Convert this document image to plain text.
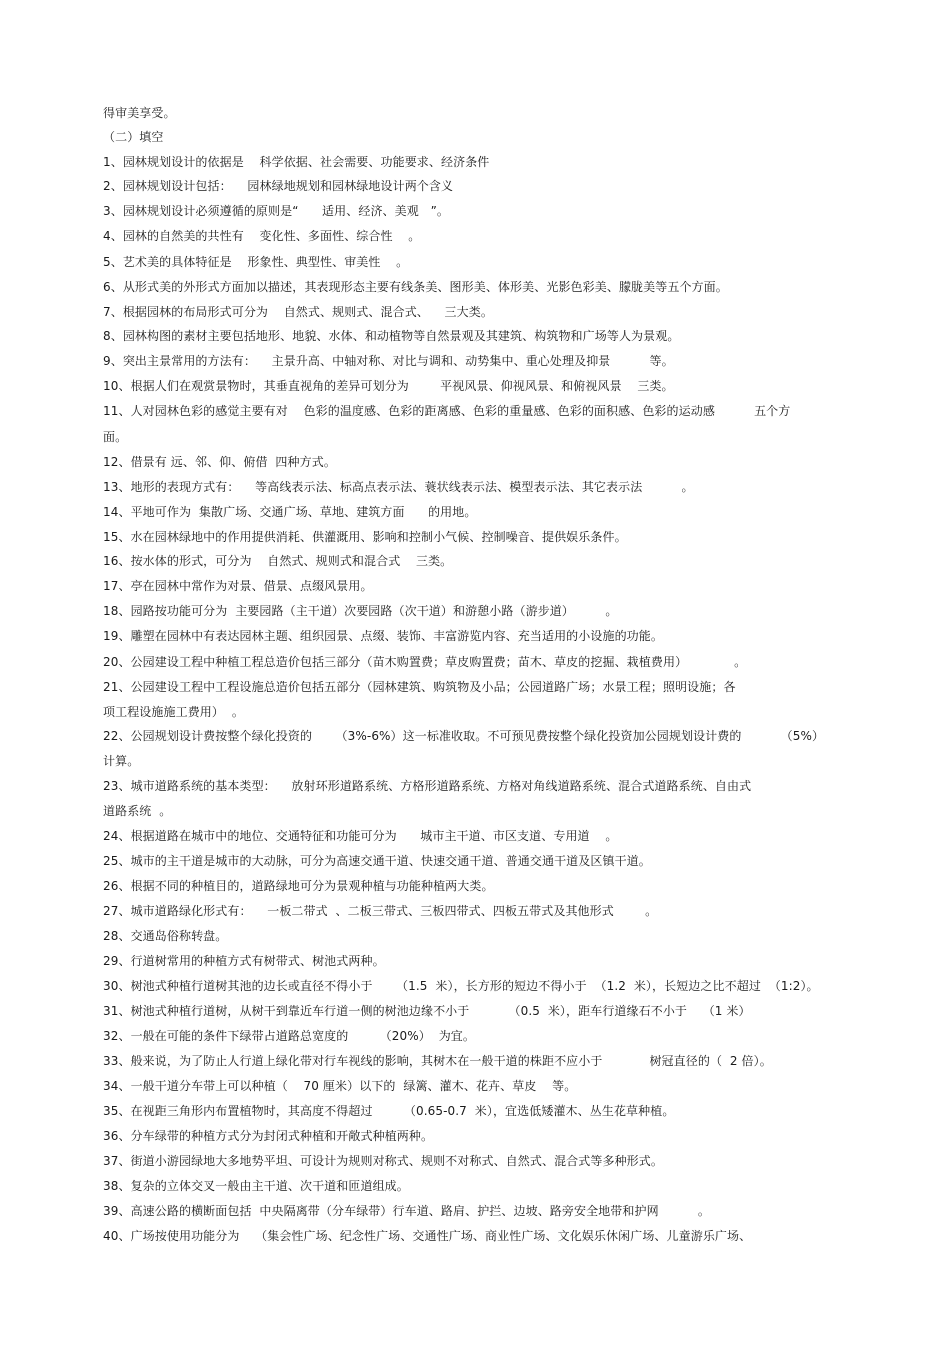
得审美享受。
（二）填空
1、园林规划设计的依据是    科学依据、社会需要、功能要求、经济条件
2、园林规划设计包括：    园林绿地规划和园林绿地设计两个含义
3、园林规划设计必须遵循的原则是“      适用、经济、美观   ”。
4、园林的自然美的共性有    变化性、多面性、综合性    。
5、艺术美的具体特征是    形象性、典型性、审美性    。
6、从形式美的外形式方面加以描述，其表现形态主要有线条美、图形美、体形美、光影色彩美、朦胧美等五个方面。
7、根据园林的布局形式可分为    自然式、规则式、混合式、    三大类。
8、园林构图的素材主要包括地形、地貌、水体、和动植物等自然景观及其建筑、构筑物和广场等人为景观。
9、突出主景常用的方法有：    主景升高、中轴对称、对比与调和、动势集中、重心处理及抑景          等。
10、根据人们在观赏景物时，其垂直视角的差异可划分为        平视风景、仰视风景、和俯视风景    三类。
11、人对园林色彩的感觉主要有对    色彩的温度感、色彩的距离感、色彩的重量感、色彩的面积感、色彩的运动感          五个方
面。
12、借景有 远、邻、仰、俯借  四种方式。
13、地形的表现方式有：    等高线表示法、标高点表示法、蓑状线表示法、模型表示法、其它表示法          。
14、平地可作为  集散广场、交通广场、草地、建筑方面      的用地。
15、水在园林绿地中的作用提供消耗、供灌溉用、影响和控制小气候、控制噪音、提供娱乐条件。
16、按水体的形式，可分为    自然式、规则式和混合式    三类。
17、亭在园林中常作为对景、借景、点缀风景用。
18、园路按功能可分为  主要园路（主干道）次要园路（次干道）和游憩小路（游步道）        。
19、雕塑在园林中有表达园林主题、组织园景、点缀、装饰、丰富游览内容、充当适用的小设施的功能。
20、公园建设工程中种植工程总造价包括三部分（苗木购置费；草皮购置费；苗木、草皮的挖掘、栽植费用）            。
21、公园建设工程中工程设施总造价包括五部分（园林建筑、购筑物及小品；公园道路广场；水景工程；照明设施；各
项工程设施施工费用）  。
22、公园规划设计费按整个绿化投资的      （3%-6%）这一标准收取。不可预见费按整个绿化投资加公园规划设计费的          （5%）
计算。
23、城市道路系统的基本类型：    放射环形道路系统、方格形道路系统、方格对角线道路系统、混合式道路系统、自由式
道路系统  。
24、根据道路在城市中的地位、交通特征和功能可分为      城市主干道、市区支道、专用道    。
25、城市的主干道是城市的大动脉，可分为高速交通干道、快速交通干道、普通交通干道及区镇干道。
26、根据不同的种植目的，道路绿地可分为景观种植与功能种植两大类。
27、城市道路绿化形式有：    一板二带式  、二板三带式、三板四带式、四板五带式及其他形式        。
28、交通岛俗称转盘。
29、行道树常用的种植方式有树带式、树池式两种。
30、树池式种植行道树其池的边长或直径不得小于      （1.5  米），长方形的短边不得小于  （1.2  米），长短边之比不超过  （1:2）。
31、树池式种植行道树，从树干到靠近车行道一侧的树池边缘不小于          （0.5  米），距车行道缘石不小于    （1 米）
32、一般在可能的条件下绿带占道路总宽度的        （20%）  为宜。
33、般来说，为了防止人行道上绿化带对行车视线的影响，其树木在一般干道的株距不应小于            树冠直径的（  2 倍）。
34、一般干道分车带上可以种植（    70 厘米）以下的  绿篱、灌木、花卉、草皮    等。
35、在视距三角形内布置植物时，其高度不得超过        （0.65-0.7  米），宜选低矮灌木、丛生花草种植。
36、分车绿带的种植方式分为封闭式种植和开敞式种植两种。
37、街道小游园绿地大多地势平坦、可设计为规则对称式、规则不对称式、自然式、混合式等多种形式。
38、复杂的立体交叉一般由主干道、次干道和匝道组成。
39、高速公路的横断面包括  中央隔离带（分车绿带）行车道、路肩、护拦、边坡、路旁安全地带和护网          。
40、广场按使用功能分为    （集会性广场、纪念性广场、交通性广场、商业性广场、文化娱乐休闲广场、儿童游乐广场、
